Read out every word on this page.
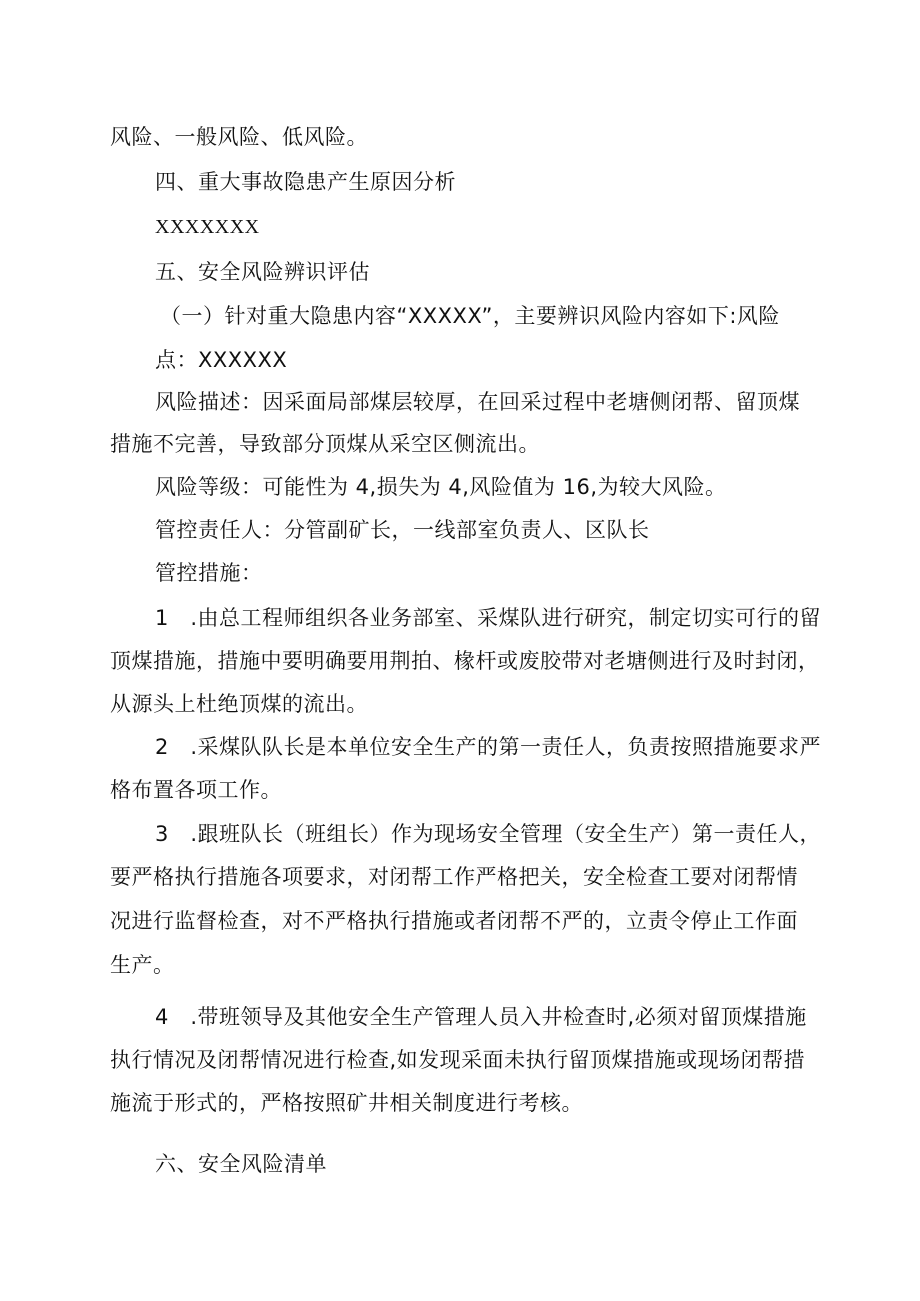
风险、一般风险、低风险。
四、重大事故隐患产生原因分析
XXXXXXX
五、安全风险辨识评估
（一）针对重大隐患内容“XXXXX”，主要辨识风险内容如下:风险
点：XXXXXX
风险描述：因采面局部煤层较厚，在回采过程中老塘侧闭帮、留顶煤
措施不完善，导致部分顶煤从采空区侧流出。
风险等级：可能性为 4,损失为 4,风险值为 16,为较大风险。
管控责任人：分管副矿长，一线部室负责人、区队长
管控措施：
1　.由总工程师组织各业务部室、采煤队进行研究，制定切实可行的留
顶煤措施，措施中要明确要用荆拍、椽杆或废胶带对老塘侧进行及时封闭，
从源头上杜绝顶煤的流出。
2　.采煤队队长是本单位安全生产的第一责任人，负责按照措施要求严
格布置各项工作。
3　.跟班队长（班组长）作为现场安全管理（安全生产）第一责任人，
要严格执行措施各项要求，对闭帮工作严格把关，安全检查工要对闭帮情
况进行监督检查，对不严格执行措施或者闭帮不严的，立责令停止工作面
生产。
4　.带班领导及其他安全生产管理人员入井检查时,必须对留顶煤措施
执行情况及闭帮情况进行检查,如发现采面未执行留顶煤措施或现场闭帮措
施流于形式的，严格按照矿井相关制度进行考核。
六、安全风险清单
